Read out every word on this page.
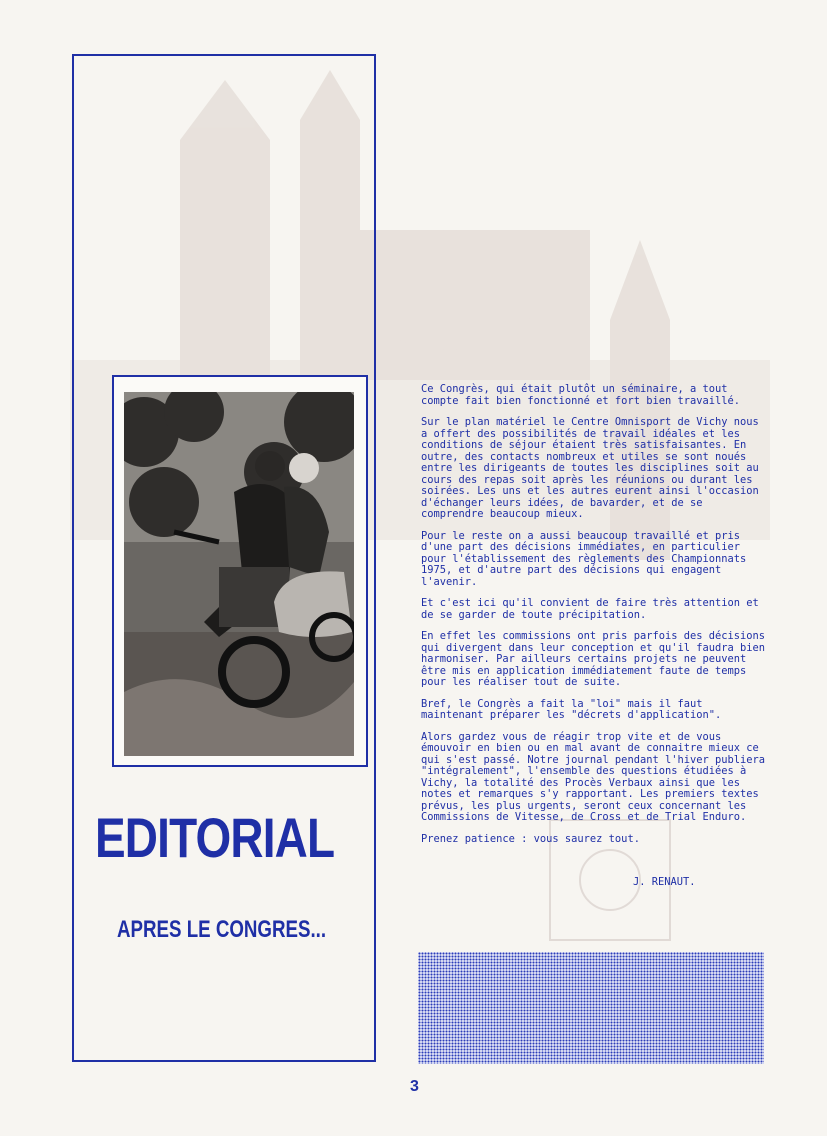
EDITORIAL
APRES LE CONGRES...

Ce Congrès, qui était plutôt un séminaire, a tout compte fait bien fonctionné et fort bien travaillé.

Sur le plan matériel le Centre Omnisport de Vichy nous a offert des possibilités de travail idéales et les conditions de séjour étaient très satisfaisantes. En outre, des contacts nombreux et utiles se sont noués entre les dirigeants de toutes les disciplines soit au cours des repas soit après les réunions ou durant les soirées. Les uns et les autres eurent ainsi l'occasion d'échanger leurs idées, de bavarder, et de se comprendre beaucoup mieux.

Pour le reste on a aussi beaucoup travaillé et pris d'une part des décisions immédiates, en particulier pour l'établissement des règlements des Championnats 1975, et d'autre part des décisions qui engagent l'avenir.

Et c'est ici qu'il convient de faire très attention et de se garder de toute précipitation.

En effet les commissions ont pris parfois des décisions qui divergent dans leur conception et qu'il faudra bien harmoniser. Par ailleurs certains projets ne peuvent être mis en application immédiatement faute de temps pour les réaliser tout de suite.

Bref, le Congrès a fait la "loi" mais il faut maintenant préparer les "décrets d'application".

Alors gardez vous de réagir trop vite et de vous émouvoir en bien ou en mal avant de connaitre mieux ce qui s'est passé. Notre journal pendant l'hiver publiera "intégralement", l'ensemble des questions étudiées à Vichy, la totalité des Procès Verbaux ainsi que les notes et remarques s'y rapportant. Les premiers textes prévus, les plus urgents, seront ceux concernant les Commissions de Vitesse, de Cross et de Trial Enduro.

Prenez patience : vous saurez tout.

J. RENAUT.
3
